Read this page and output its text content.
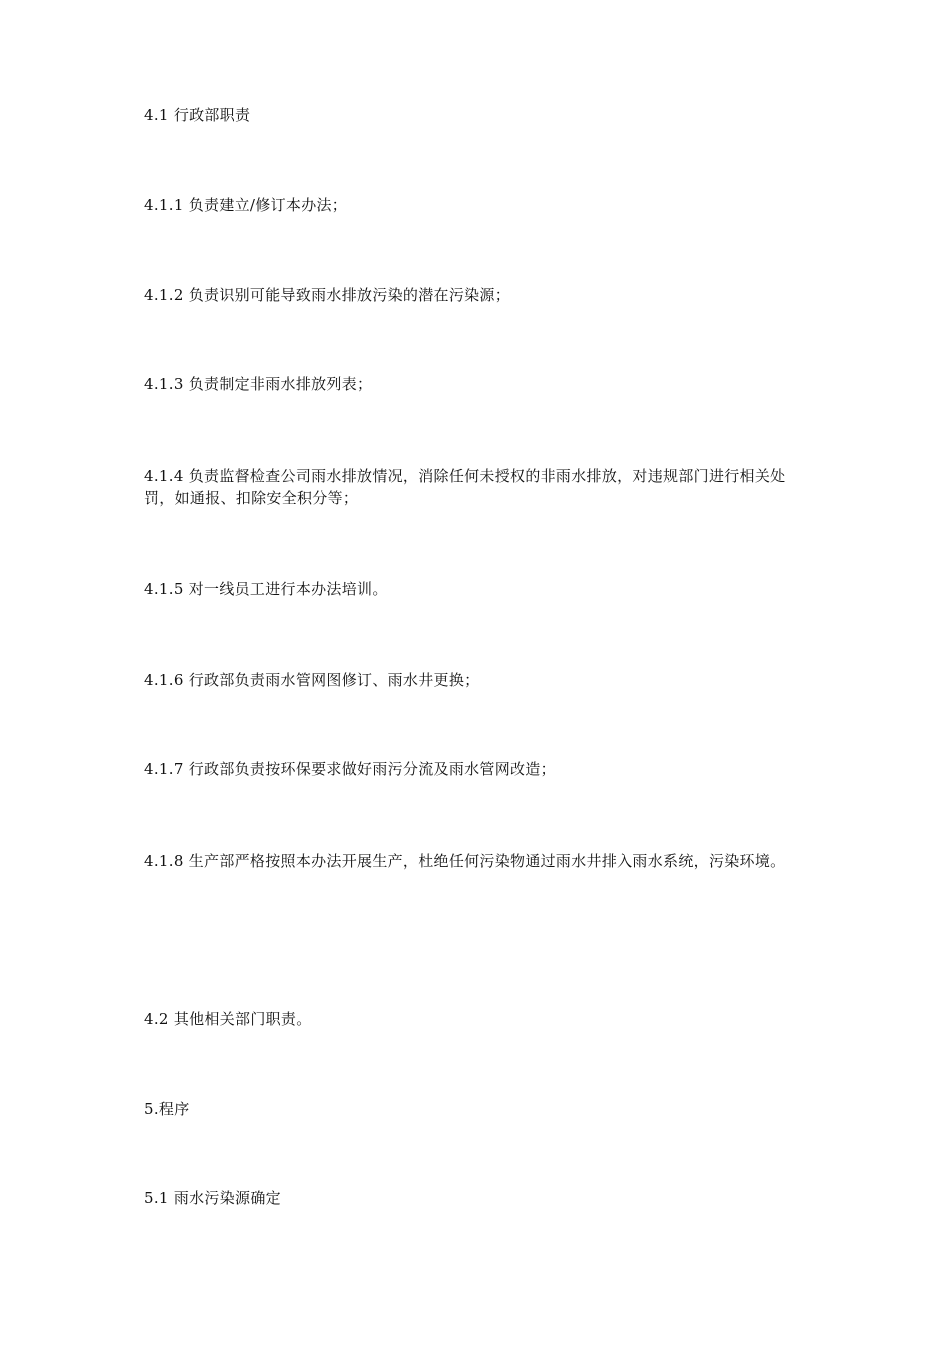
4.1 行政部职责

4.1.1 负责建立/修订本办法；

4.1.2 负责识别可能导致雨水排放污染的潜在污染源；

4.1.3 负责制定非雨水排放列表；

4.1.4 负责监督检查公司雨水排放情况，消除任何未授权的非雨水排放，对违规部门进行相关处罚，如通报、扣除安全积分等；

4.1.5 对一线员工进行本办法培训。

4.1.6 行政部负责雨水管网图修订、雨水井更换；

4.1.7 行政部负责按环保要求做好雨污分流及雨水管网改造；

4.1.8 生产部严格按照本办法开展生产，杜绝任何污染物通过雨水井排入雨水系统，污染环境。

4.2 其他相关部门职责。

5.程序

5.1 雨水污染源确定
